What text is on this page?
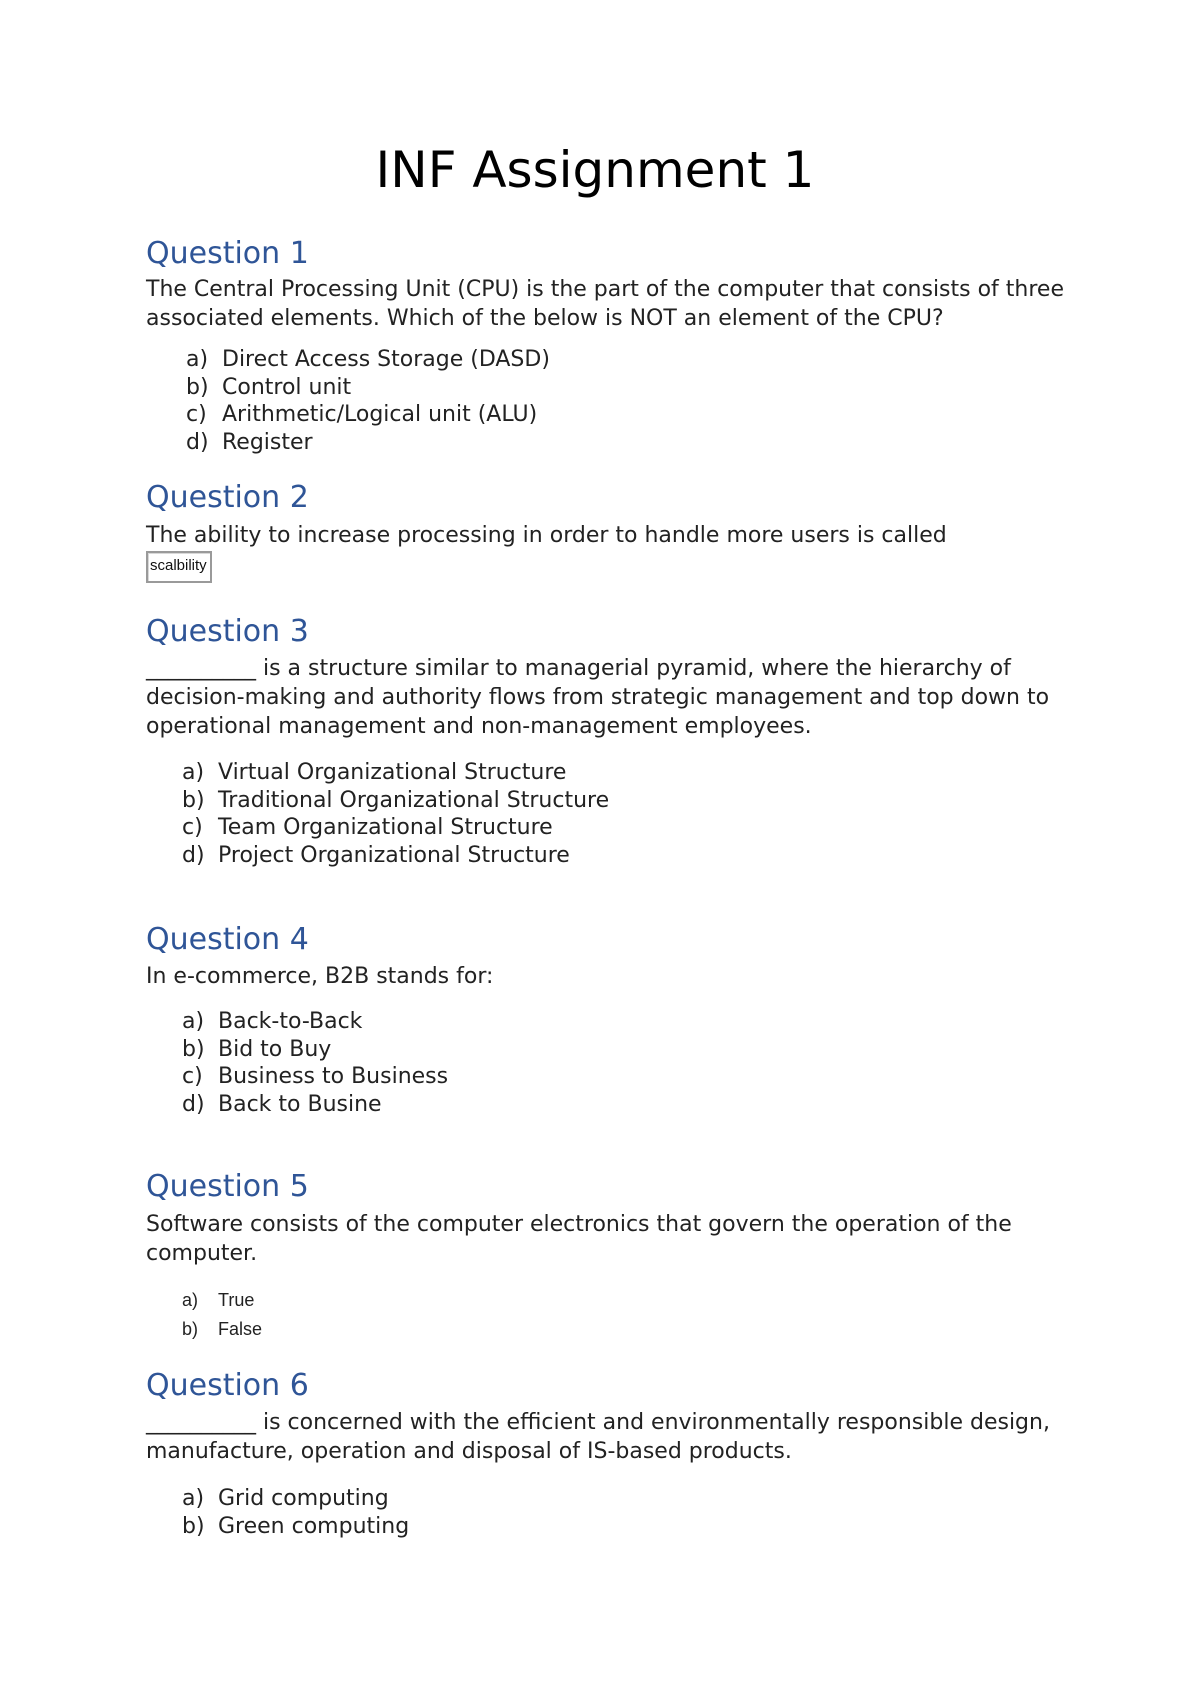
INF Assignment 1
Question 1
The Central Processing Unit (CPU) is the part of the computer that consists of three associated elements. Which of the below is NOT an element of the CPU?
a) Direct Access Storage (DASD)
b) Control unit
c) Arithmetic/Logical unit (ALU)
d) Register
Question 2
The ability to increase processing in order to handle more users is called
scalbility
Question 3
__________ is a structure similar to managerial pyramid, where the hierarchy of decision-making and authority flows from strategic management and top down to operational management and non-management employees.
a) Virtual Organizational Structure
b) Traditional Organizational Structure
c) Team Organizational Structure
d) Project Organizational Structure
Question 4
In e-commerce, B2B stands for:
a) Back-to-Back
b) Bid to Buy
c) Business to Business
d) Back to Busine
Question 5
Software consists of the computer electronics that govern the operation of the computer.
a)	True
b)	False
Question 6
__________ is concerned with the efficient and environmentally responsible design, manufacture, operation and disposal of IS-based products.
a) Grid computing
b) Green computing
